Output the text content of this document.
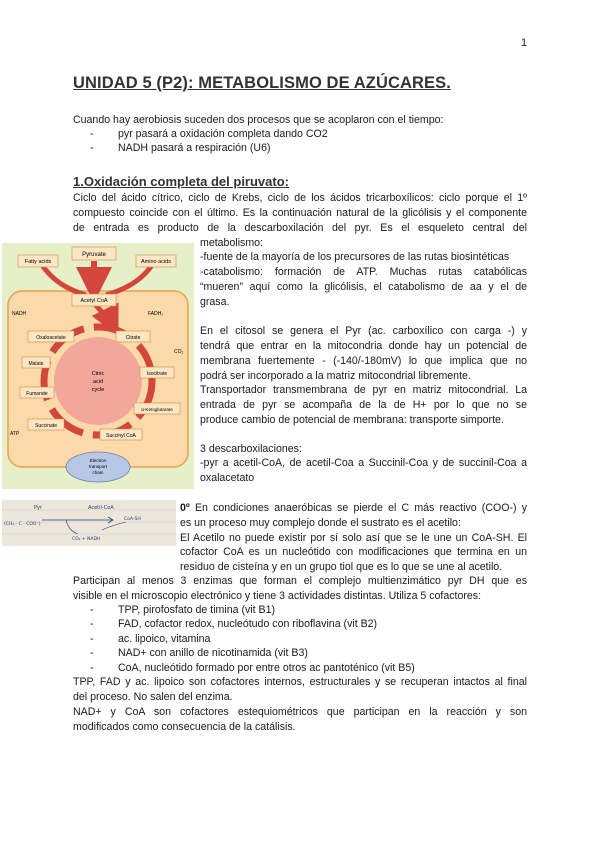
1
UNIDAD 5 (P2): METABOLISMO DE AZÚCARES.

Cuando hay aerobiosis suceden dos procesos que se acoplaron con el tiempo:

- pyr pasará a oxidación completa dando CO2
- NADH pasará a respiración (U6)
1.Oxidación completa del piruvato:

Ciclo del ácido cítrico, ciclo de Krebs, ciclo de los ácidos tricarboxílicos: ciclo porque el 1º

compuesto coincide con el último. Es la continuación natural de la glicólisis y el componente

de entrada es producto de la descarboxilación del pyr. Es el esqueleto central del

metabolismo:

Pyruvate
Fatty acids	Amino acids
Acetyl CoA
Oxaloacetate	Citrate
Malate
Isocitrate
Fumarate
α-Ketoglutarate
Succinate
Succinyl CoA
Citric
acid
cycle
ATP
CO₂
NADH	FADH₂
Electron
transport
chain

-fuente de la mayoría de los precursores de las rutas biosintéticas

-catabolismo: formación de ATP. Muchas rutas catabólicas

“mueren” aquí como la glicólisis, el catabolismo de aa y el de

grasa.

En el citosol se genera el Pyr (ac. carboxílico con carga -) y

tendrá que entrar en la mitocondria donde hay un potencial de

membrana fuertemente - (-140/-180mV) lo que implica que no

podrá ser incorporado a la matriz mitocondrial libremente.

Transportador transmembrana de pyr en matriz mitocondrial. La

entrada de pyr se acompaña de la de H+ por lo que no se

produce cambio de potencial de membrana: transporte simporte.

3 descarboxilaciones:

-pyr a acetil-CoA, de acetil-Coa a Succinil-Coa y de succinil-Coa a

oxalacetato

Pyr
(CH₃ - C - COO⁻)
Acetil-CoA
CoA-SH
CO₂ + NADH

0º En condiciones anaeróbicas se pierde el C más reactivo (COO-) y

es un proceso muy complejo donde el sustrato es el acetilo:

El Acetilo no puede existir por sí solo así que se le une un CoA-SH. El

cofactor CoA es un nucleótido con modificaciones que termina en un

residuo de cisteína y en un grupo tiol que es lo que se une al acetilo.

Participan al menos 3 enzimas que forman el complejo multienzimático pyr DH que es

visible en el microscopio electrónico y tiene 3 actividades distintas. Utiliza 5 cofactores:

- TPP, pirofosfato de timina (vit B1)
- FAD, cofactor redox, nucleótudo con riboflavina (vit B2)
- ac. lipoico, vitamina
- NAD+ con anillo de nicotinamida (vit B3)
- CoA, nucleótido formado por entre otros ac pantoténico (vit B5)

TPP, FAD y ac. lipoico son cofactores internos, estructurales y se recuperan intactos al final

del proceso. No salen del enzima.

NAD+ y CoA son cofactores estequiométricos que participan en la reacción y son

modificados como consecuencia de la catálisis.
